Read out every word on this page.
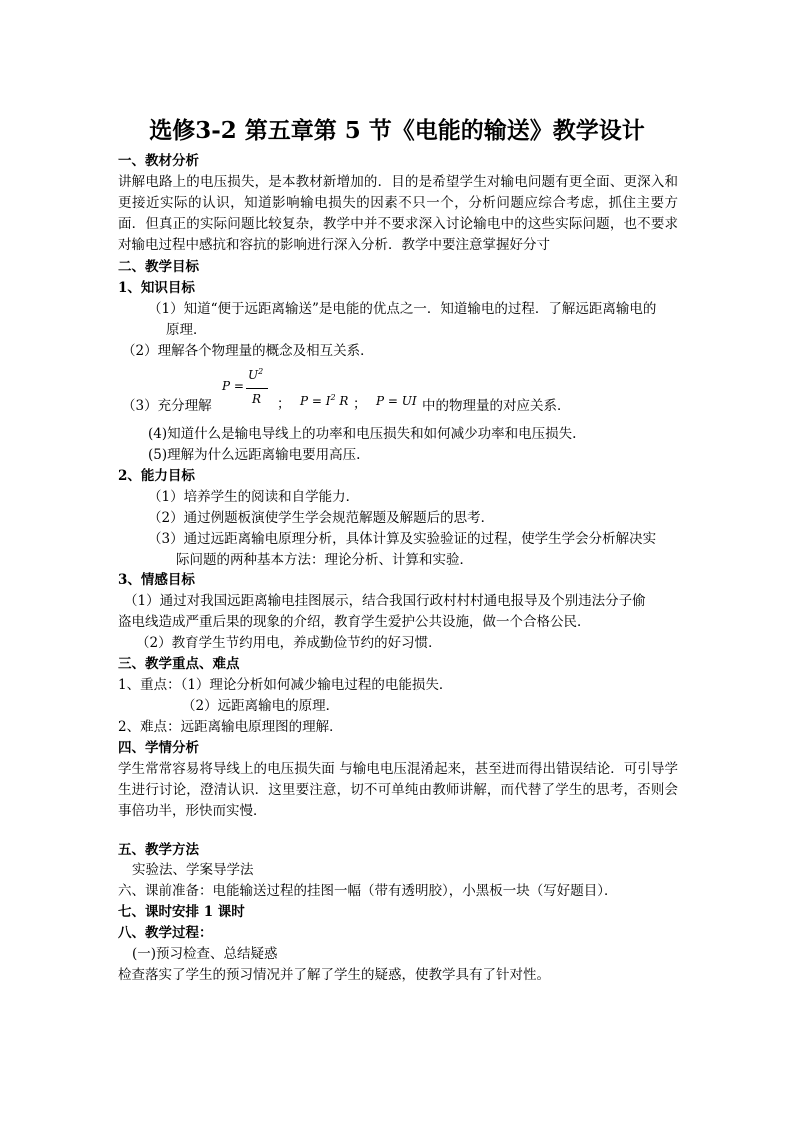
选修3-2 第五章第 5 节《电能的输送》教学设计
一、教材分析
讲解电路上的电压损失，是本教材新增加的．目的是希望学生对输电问题有更全面、更深入和更接近实际的认识，知道影响输电损失的因素不只一个，分析问题应综合考虑，抓住主要方面．但真正的实际问题比较复杂，教学中并不要求深入讨论输电中的这些实际问题，也不要求对输电过程中感抗和容抗的影响进行深入分析．教学中要注意掌握好分寸
二、教学目标
1、知识目标
（1）知道“便于远距离输送”是电能的优点之一．知道输电的过程．了解远距离输电的
原理．
（2）理解各个物理量的概念及相互关系．
（3）充分理解
P =
$U^2$
R ； $P = I^2$ R ； P = UI 中的物理量的对应关系．
(4)知道什么是输电导线上的功率和电压损失和如何减少功率和电压损失.
(5)理解为什么远距离输电要用高压.
2、能力目标
（1）培养学生的阅读和自学能力．
（2）通过例题板演使学生学会规范解题及解题后的思考．
（3）通过远距离输电原理分析，具体计算及实验验证的过程，使学生学会分析解决实
际问题的两种基本方法：理论分析、计算和实验．
3、情感目标
（1）通过对我国远距离输电挂图展示，结合我国行政村村村通电报导及个别违法分子偷
盗电线造成严重后果的现象的介绍，教育学生爱护公共设施，做一个合格公民．
（2）教育学生节约用电，养成勤俭节约的好习惯．
三、教学重点、难点
1、重点：（1）理论分析如何减少输电过程的电能损失．
（2）远距离输电的原理．
2、难点：远距离输电原理图的理解．
四、学情分析
学生常常容易将导线上的电压损失面 与输电电压混淆起来，甚至进而得出错误结论．可引导学生进行讨论，澄清认识．这里要注意，切不可单纯由教师讲解，而代替了学生的思考，否则会事倍功半，形快而实慢．
五、教学方法
实验法、学案导学法
六、课前准备：电能输送过程的挂图一幅（带有透明胶），小黑板一块（写好题目）．
七、课时安排 1 课时
八、教学过程：
(一)预习检查、总结疑惑
检查落实了学生的预习情况并了解了学生的疑惑，使教学具有了针对性。
